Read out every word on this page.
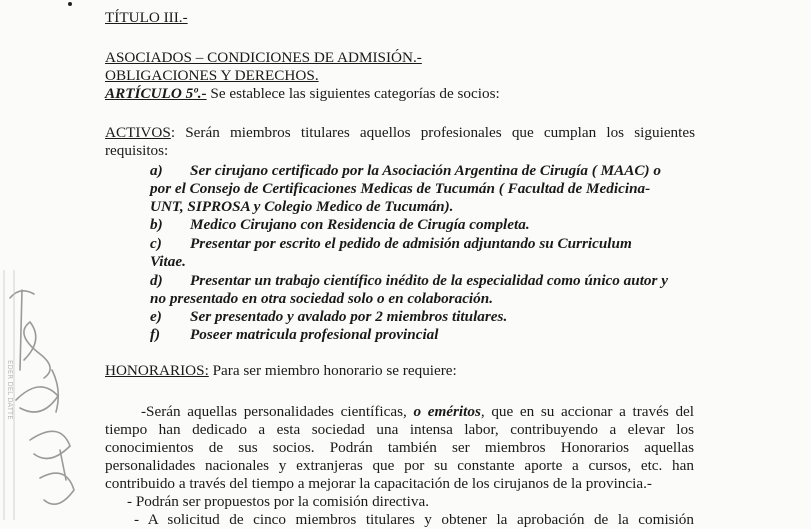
TÍTULO III.-
ASOCIADOS – CONDICIONES DE ADMISIÓN.-
OBLIGACIONES Y DERECHOS.
ARTÍCULO 5º.- Se establece las siguientes categorías de socios:
ACTIVOS: Serán miembros titulares aquellos profesionales que cumplan los siguientes
requisitos:
a) Ser cirujano certificado por la Asociación Argentina de Cirugía ( MAAC) o
por el Consejo de Certificaciones Medicas de Tucumán ( Facultad de Medicina-
UNT, SIPROSA y Colegio Medico de Tucumán).
b) Medico Cirujano con Residencia de Cirugía completa.
c) Presentar por escrito el pedido de admisión adjuntando su Curriculum
Vitae.
d) Presentar un trabajo científico inédito de la especialidad como único autor y
no presentado en otra sociedad solo o en colaboración.
e) Ser presentado y avalado por 2 miembros titulares.
f) Poseer matricula profesional provincial
HONORARIOS: Para ser miembro honorario se requiere:
-Serán aquellas personalidades científicas, o eméritos, que en su accionar a través del
tiempo han dedicado a esta sociedad una intensa labor, contribuyendo a elevar los
conocimientos de sus socios. Podrán también ser miembros Honorarios aquellas
personalidades nacionales y extranjeras que por su constante aporte a cursos, etc. han
contribuido a través del tiempo a mejorar la capacitación de los cirujanos de la provincia.-
- Podrán ser propuestos por la comisión directiva.
- A solicitud de cinco miembros titulares y obtener la aprobación de la comisión
EDER DEL DATTE
